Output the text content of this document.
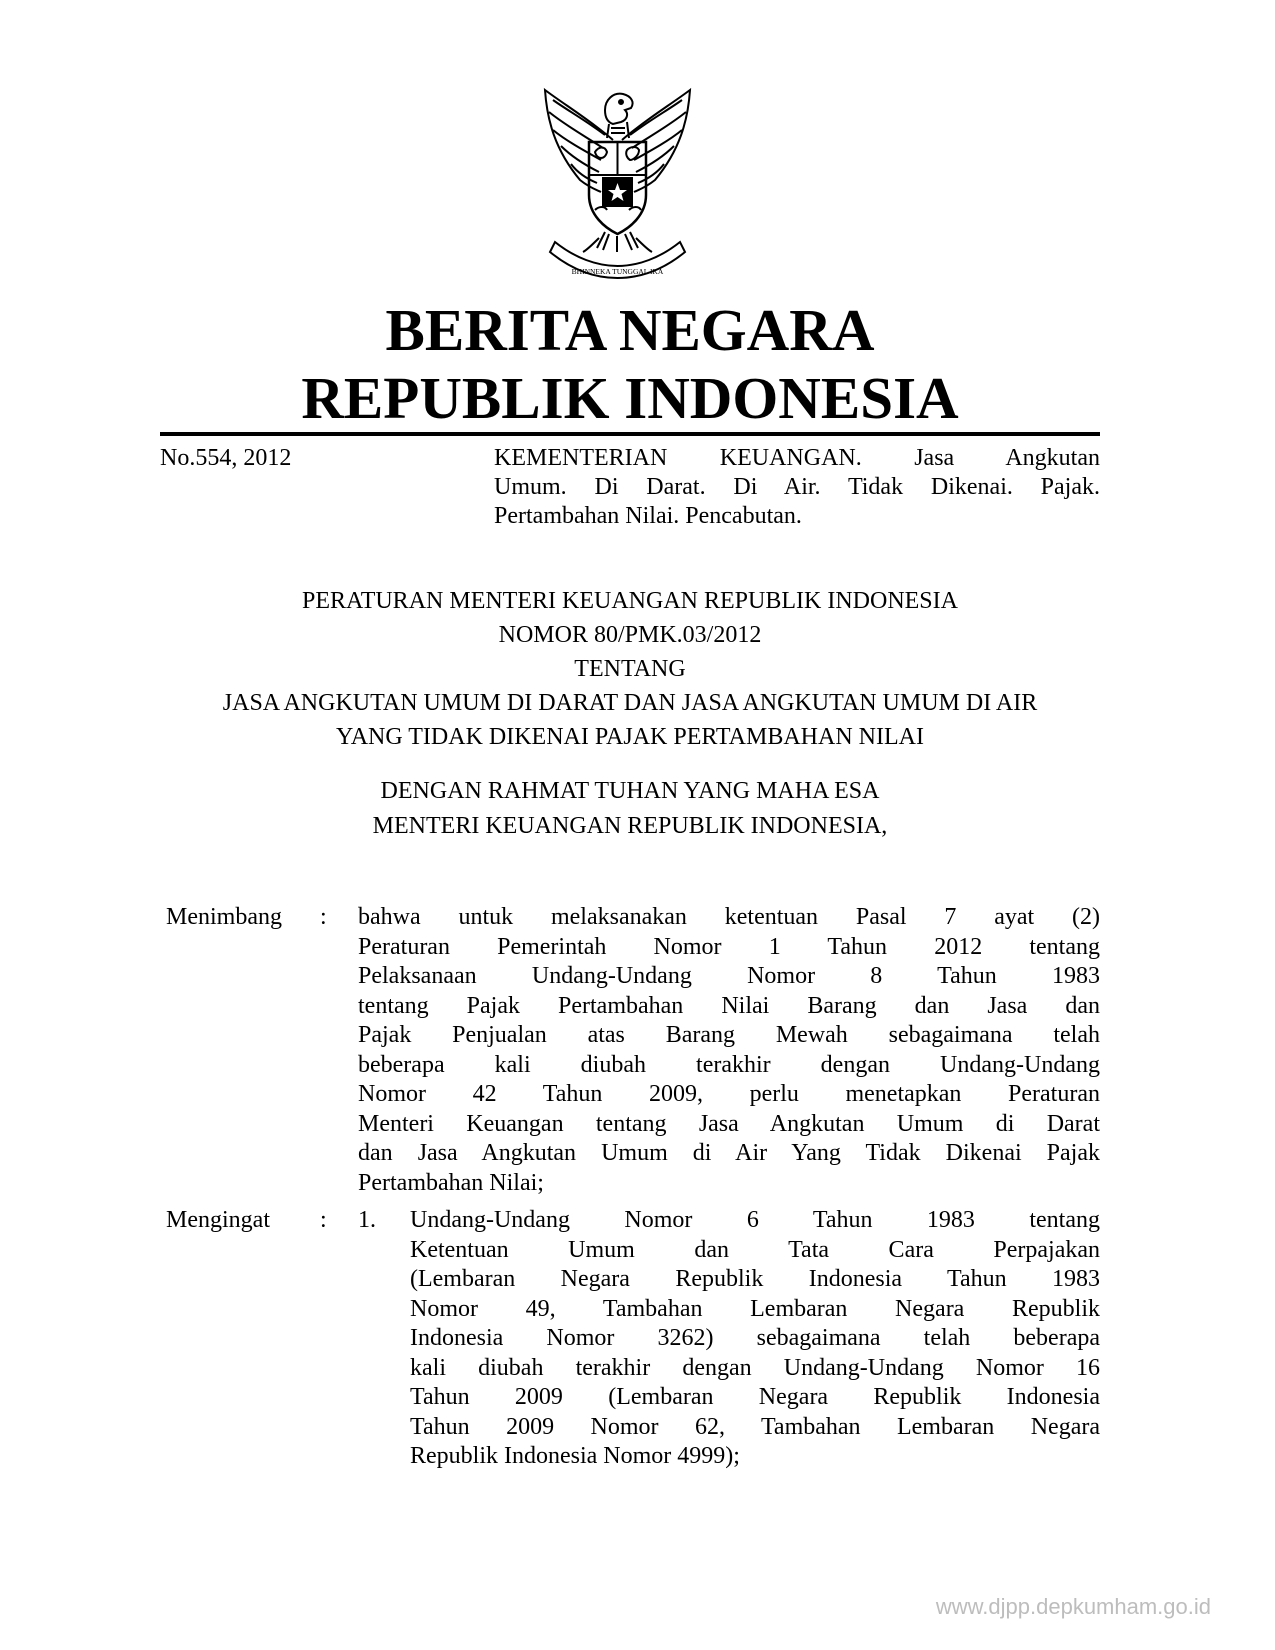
BHINNEKA TUNGGAL IKA
BERITA NEGARA
REPUBLIK INDONESIA
No.554, 2012	KEMENTERIAN KEUANGAN. Jasa Angkutan
Umum. Di Darat. Di Air. Tidak Dikenai. Pajak.
Pertambahan Nilai. Pencabutan.
PERATURAN MENTERI KEUANGAN REPUBLIK INDONESIA
NOMOR 80/PMK.03/2012
TENTANG
JASA ANGKUTAN UMUM DI DARAT DAN JASA ANGKUTAN UMUM DI AIR
YANG TIDAK DIKENAI PAJAK PERTAMBAHAN NILAI
DENGAN RAHMAT TUHAN YANG MAHA ESA
MENTERI KEUANGAN REPUBLIK INDONESIA,
Menimbang : bahwa untuk melaksanakan ketentuan Pasal 7 ayat (2)
Peraturan Pemerintah Nomor 1 Tahun 2012 tentang
Pelaksanaan Undang-Undang Nomor 8 Tahun 1983
tentang Pajak Pertambahan Nilai Barang dan Jasa dan
Pajak Penjualan atas Barang Mewah sebagaimana telah
beberapa kali diubah terakhir dengan Undang-Undang
Nomor 42 Tahun 2009, perlu menetapkan Peraturan
Menteri Keuangan tentang Jasa Angkutan Umum di Darat
dan Jasa Angkutan Umum di Air Yang Tidak Dikenai Pajak
Pertambahan Nilai;
Mengingat : 1. Undang-Undang Nomor 6 Tahun 1983 tentang
Ketentuan Umum dan Tata Cara Perpajakan
(Lembaran Negara Republik Indonesia Tahun 1983
Nomor 49, Tambahan Lembaran Negara Republik
Indonesia Nomor 3262) sebagaimana telah beberapa
kali diubah terakhir dengan Undang-Undang Nomor 16
Tahun 2009 (Lembaran Negara Republik Indonesia
Tahun 2009 Nomor 62, Tambahan Lembaran Negara
Republik Indonesia Nomor 4999);
www.djpp.depkumham.go.id
